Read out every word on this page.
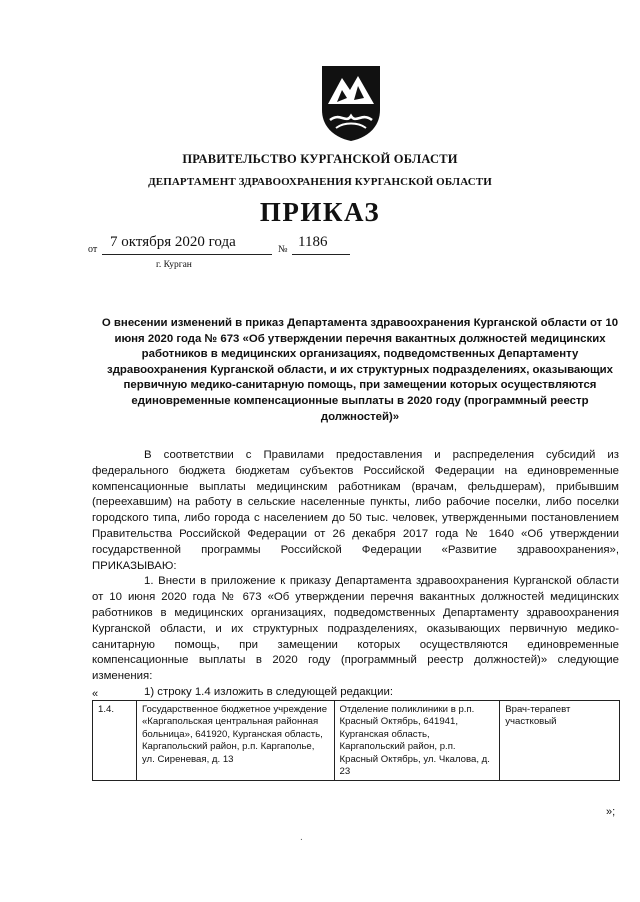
ПРАВИТЕЛЬСТВО КУРГАНСКОЙ ОБЛАСТИ
ДЕПАРТАМЕНТ ЗДРАВООХРАНЕНИЯ КУРГАНСКОЙ ОБЛАСТИ
ПРИКАЗ
от 7 октября 2020 года	№ 1186
г. Курган
О внесении изменений в приказ Департамента здравоохранения Курганской области от 10 июня 2020 года № 673 «Об утверждении перечня вакантных должностей медицинских работников в медицинских организациях, подведомственных Департаменту здравоохранения Курганской области, и их структурных подразделениях, оказывающих первичную медико-санитарную помощь, при замещении которых осуществляются единовременные компенсационные выплаты в 2020 году (программный реестр должностей)»

В соответствии с Правилами предоставления и распределения субсидий из федерального бюджета бюджетам субъектов Российской Федерации на единовременные компенсационные выплаты медицинским работникам (врачам, фельдшерам), прибывшим (переехавшим) на работу в сельские населенные пункты, либо рабочие поселки, либо поселки городского типа, либо города с населением до 50 тыс. человек, утвержденными постановлением Правительства Российской Федерации от 26 декабря 2017 года № 1640 «Об утверждении государственной программы Российской Федерации «Развитие здравоохранения», ПРИКАЗЫВАЮ:

1. Внести в приложение к приказу Департамента здравоохранения Курганской области от 10 июня 2020 года № 673 «Об утверждении перечня вакантных должностей медицинских работников в медицинских организациях, подведомственных Департаменту здравоохранения Курганской области, и их структурных подразделениях, оказывающих первичную медико-санитарную помощь, при замещении которых осуществляются единовременные компенсационные выплаты в 2020 году (программный реестр должностей)» следующие изменения:

1) строку 1.4 изложить в следующей редакции:

«
1.4.	Государственное бюджетное учреждение «Каргапольская центральная районная больница», 641920, Курганская область, Каргапольский район, р.п. Каргаполье, ул. Сиреневая, д. 13	Отделение поликлиники в р.п. Красный Октябрь, 641941, Курганская область, Каргапольский район, р.п. Красный Октябрь, ул. Чкалова, д. 23	Врач-терапевт участковый
»;
.
